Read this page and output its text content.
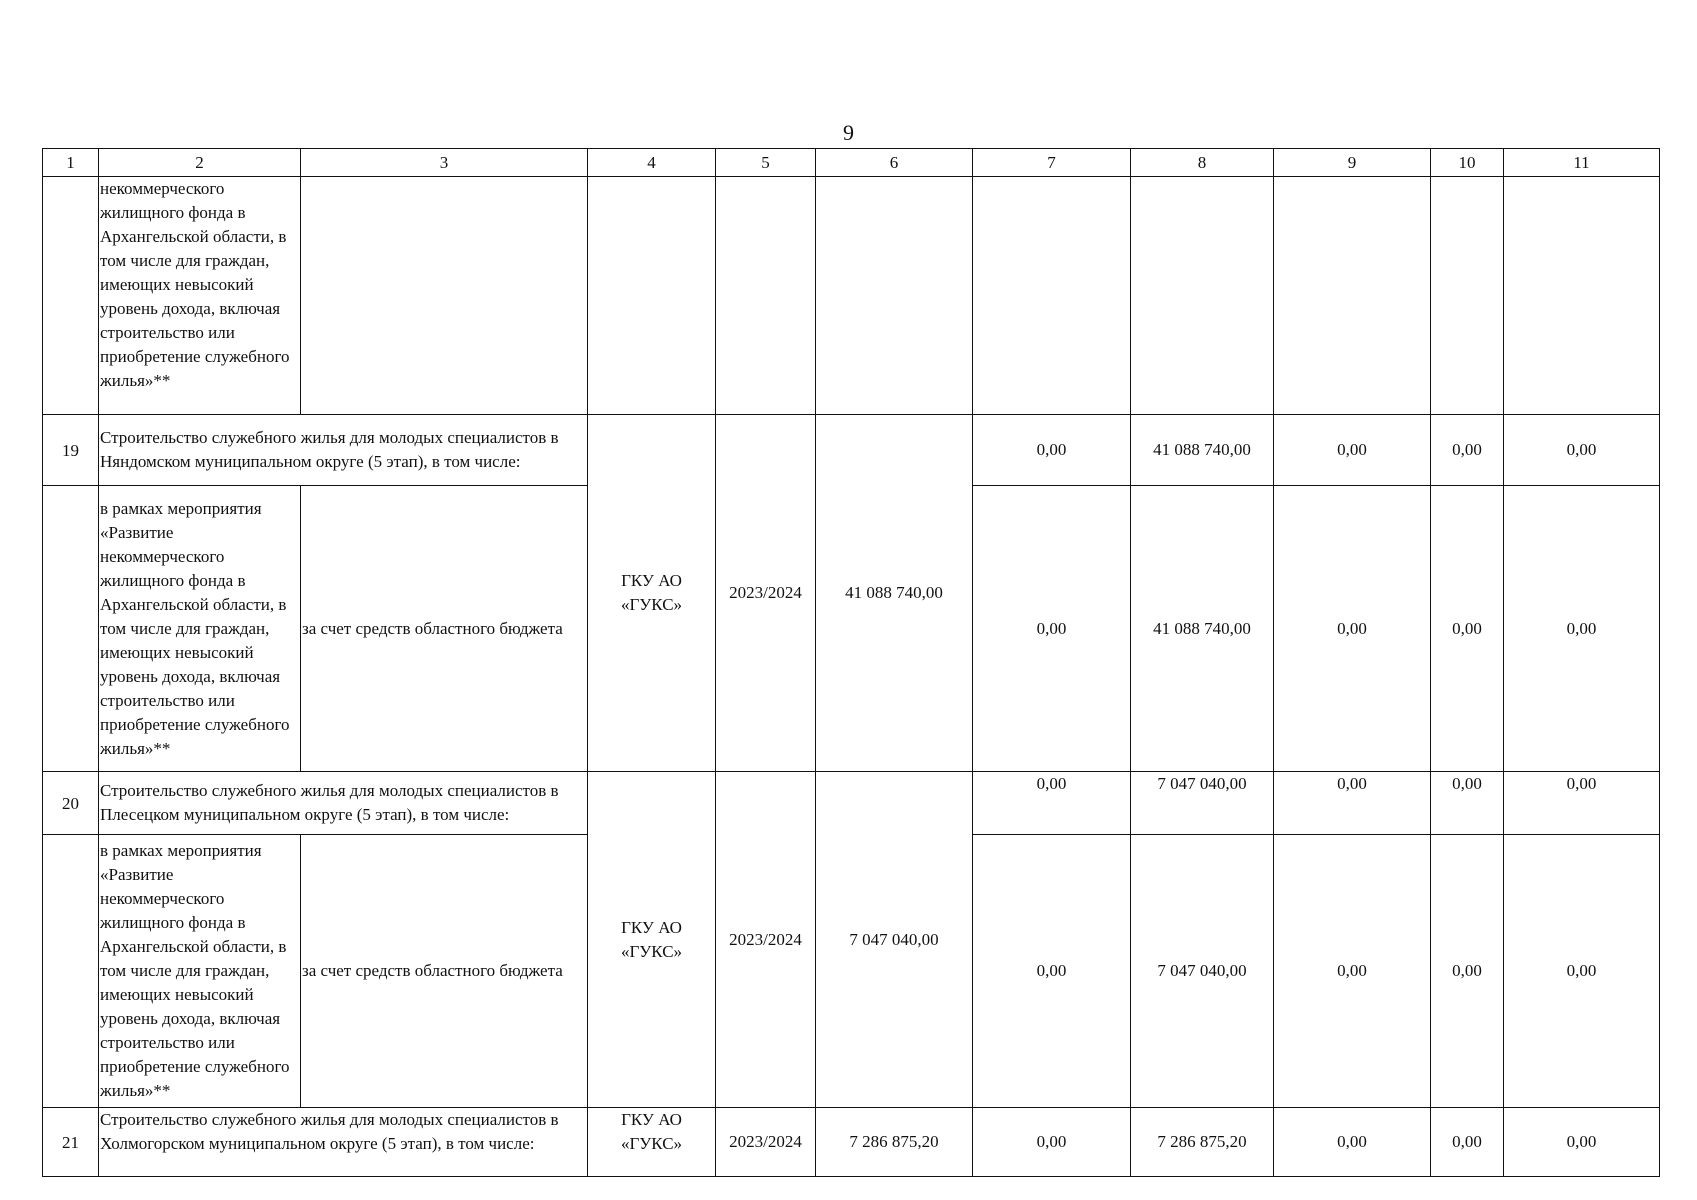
9
1	2	3	4	5	6	7	8	9	10	11
	некоммерческого жилищного фонда в Архангельской области, в том числе для граждан, имеющих невысокий уровень дохода, включая строительство или приобретение служебного жилья»**									

19	Строительство служебного жилья для молодых специалистов в Няндомском муниципальном округе (5 этап), в том числе:		ГКУ АО «ГУКС»	2023/2024	41 088 740,00	0,00	41 088 740,00	0,00	0,00	0,00
	в рамках мероприятия «Развитие некоммерческого жилищного фонда в Архангельской области, в том числе для граждан, имеющих невысокий уровень дохода, включая строительство или приобретение служебного жилья»**	за счет средств областного бюджета				0,00	41 088 740,00	0,00	0,00	0,00

20	Строительство служебного жилья для молодых специалистов в Плесецком муниципальном округе (5 этап), в том числе:		ГКУ АО «ГУКС»	2023/2024	7 047 040,00	0,00	7 047 040,00	0,00	0,00	0,00
	в рамках мероприятия «Развитие некоммерческого жилищного фонда в Архангельской области, в том числе для граждан, имеющих невысокий уровень дохода, включая строительство или приобретение служебного жилья»**	за счет средств областного бюджета				0,00	7 047 040,00	0,00	0,00	0,00

21	Строительство служебного жилья для молодых специалистов в Холмогорском муниципальном округе (5 этап), в том числе:		ГКУ АО «ГУКС»	2023/2024	7 286 875,20	0,00	7 286 875,20	0,00	0,00	0,00
